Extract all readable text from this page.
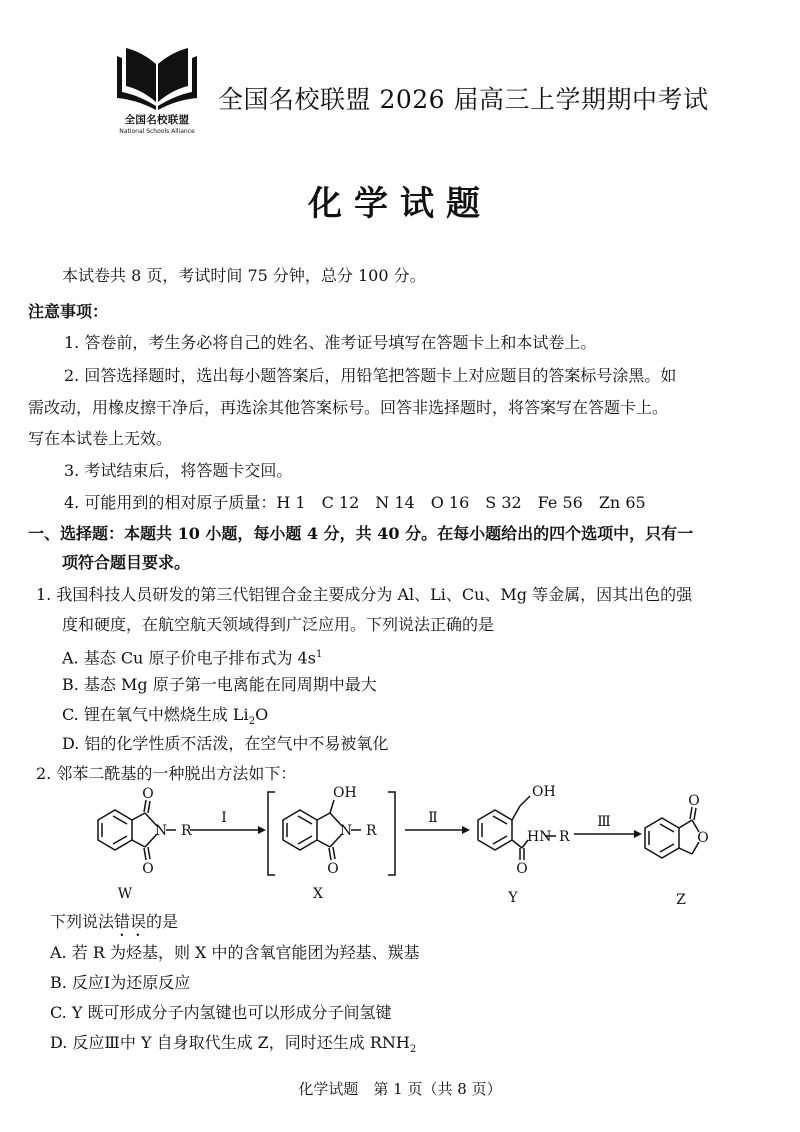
全国名校联盟
National Schools Alliance
全国名校联盟 2026 届高三上学期期中考试
化学试题
本试卷共 8 页，考试时间 75 分钟，总分 100 分。
注意事项：
1. 答卷前，考生务必将自己的姓名、准考证号填写在答题卡上和本试卷上。
2. 回答选择题时，选出每小题答案后，用铅笔把答题卡上对应题目的答案标号涂黑。如
需改动，用橡皮擦干净后，再选涂其他答案标号。回答非选择题时，将答案写在答题卡上。
写在本试卷上无效。
3. 考试结束后，将答题卡交回。
4. 可能用到的相对原子质量：H 1　C 12　N 14　O 16　S 32　Fe 56　Zn 65
一、选择题：本题共 10 小题，每小题 4 分，共 40 分。在每小题给出的四个选项中，只有一
项符合题目要求。
1. 我国科技人员研发的第三代铝锂合金主要成分为 Al、Li、Cu、Mg 等金属，因其出色的强
度和硬度，在航空航天领域得到广泛应用。下列说法正确的是
A. 基态 Cu 原子价电子排布式为 $4s^1$
B. 基态 Mg 原子第一电离能在同周期中最大
C. 锂在氧气中燃烧生成 $Li_2O$
D. 铝的化学性质不活泼，在空气中不易被氧化
2. 邻苯二酰基的一种脱出方法如下：
O
O
N R
OH
O
N R
OH
O
HN R
O
O
Ⅰ	Ⅱ	Ⅲ
W	X	Y	Z
下列说法错误的是
A. 若 R 为烃基，则 X 中的含氧官能团为羟基、羰基
B. 反应Ⅰ为还原反应
C. Y 既可形成分子内氢键也可以形成分子间氢键
D. 反应Ⅲ中 Y 自身取代生成 Z，同时还生成 $RNH_2$
化学试题　第 1 页（共 8 页）
